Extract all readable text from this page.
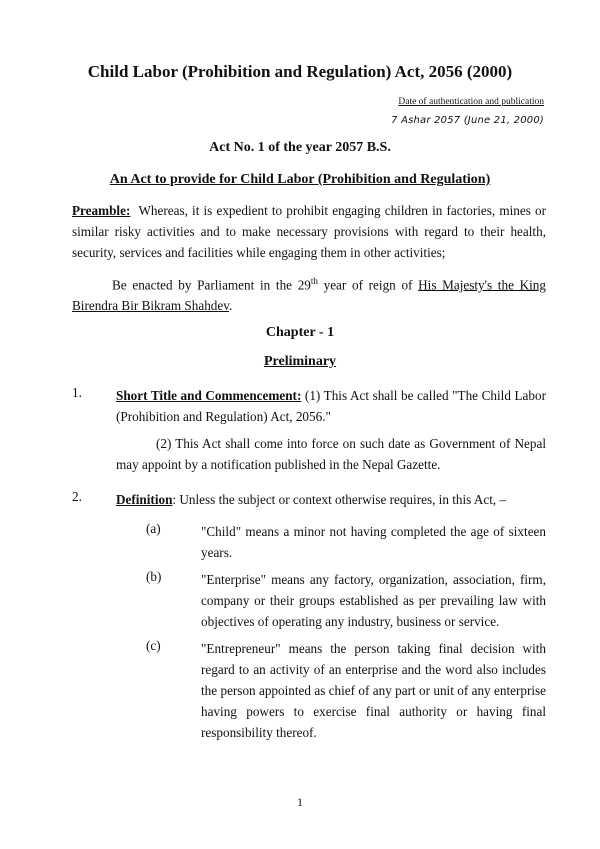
Child Labor (Prohibition and Regulation) Act, 2056 (2000)
Date of authentication and publication
7 Ashar 2057 (June 21, 2000)
Act No. 1 of the year 2057 B.S.
An Act to provide for Child Labor (Prohibition and Regulation)
Preamble: Whereas, it is expedient to prohibit engaging children in factories, mines or similar risky activities and to make necessary provisions with regard to their health, security, services and facilities while engaging them in other activities;
Be enacted by Parliament in the 29th year of reign of His Majesty's the King Birendra Bir Bikram Shahdev.
Chapter - 1
Preliminary
1.	Short Title and Commencement: (1) This Act shall be called "The Child Labor (Prohibition and Regulation) Act, 2056."
(2) This Act shall come into force on such date as Government of Nepal may appoint by a notification published in the Nepal Gazette.
2.	Definition: Unless the subject or context otherwise requires, in this Act, –
(a)	"Child" means a minor not having completed the age of sixteen years.
(b)	"Enterprise" means any factory, organization, association, firm, company or their groups established as per prevailing law with objectives of operating any industry, business or service.
(c)	"Entrepreneur" means the person taking final decision with regard to an activity of an enterprise and the word also includes the person appointed as chief of any part or unit of any enterprise having powers to exercise final authority or having final responsibility thereof.
1
